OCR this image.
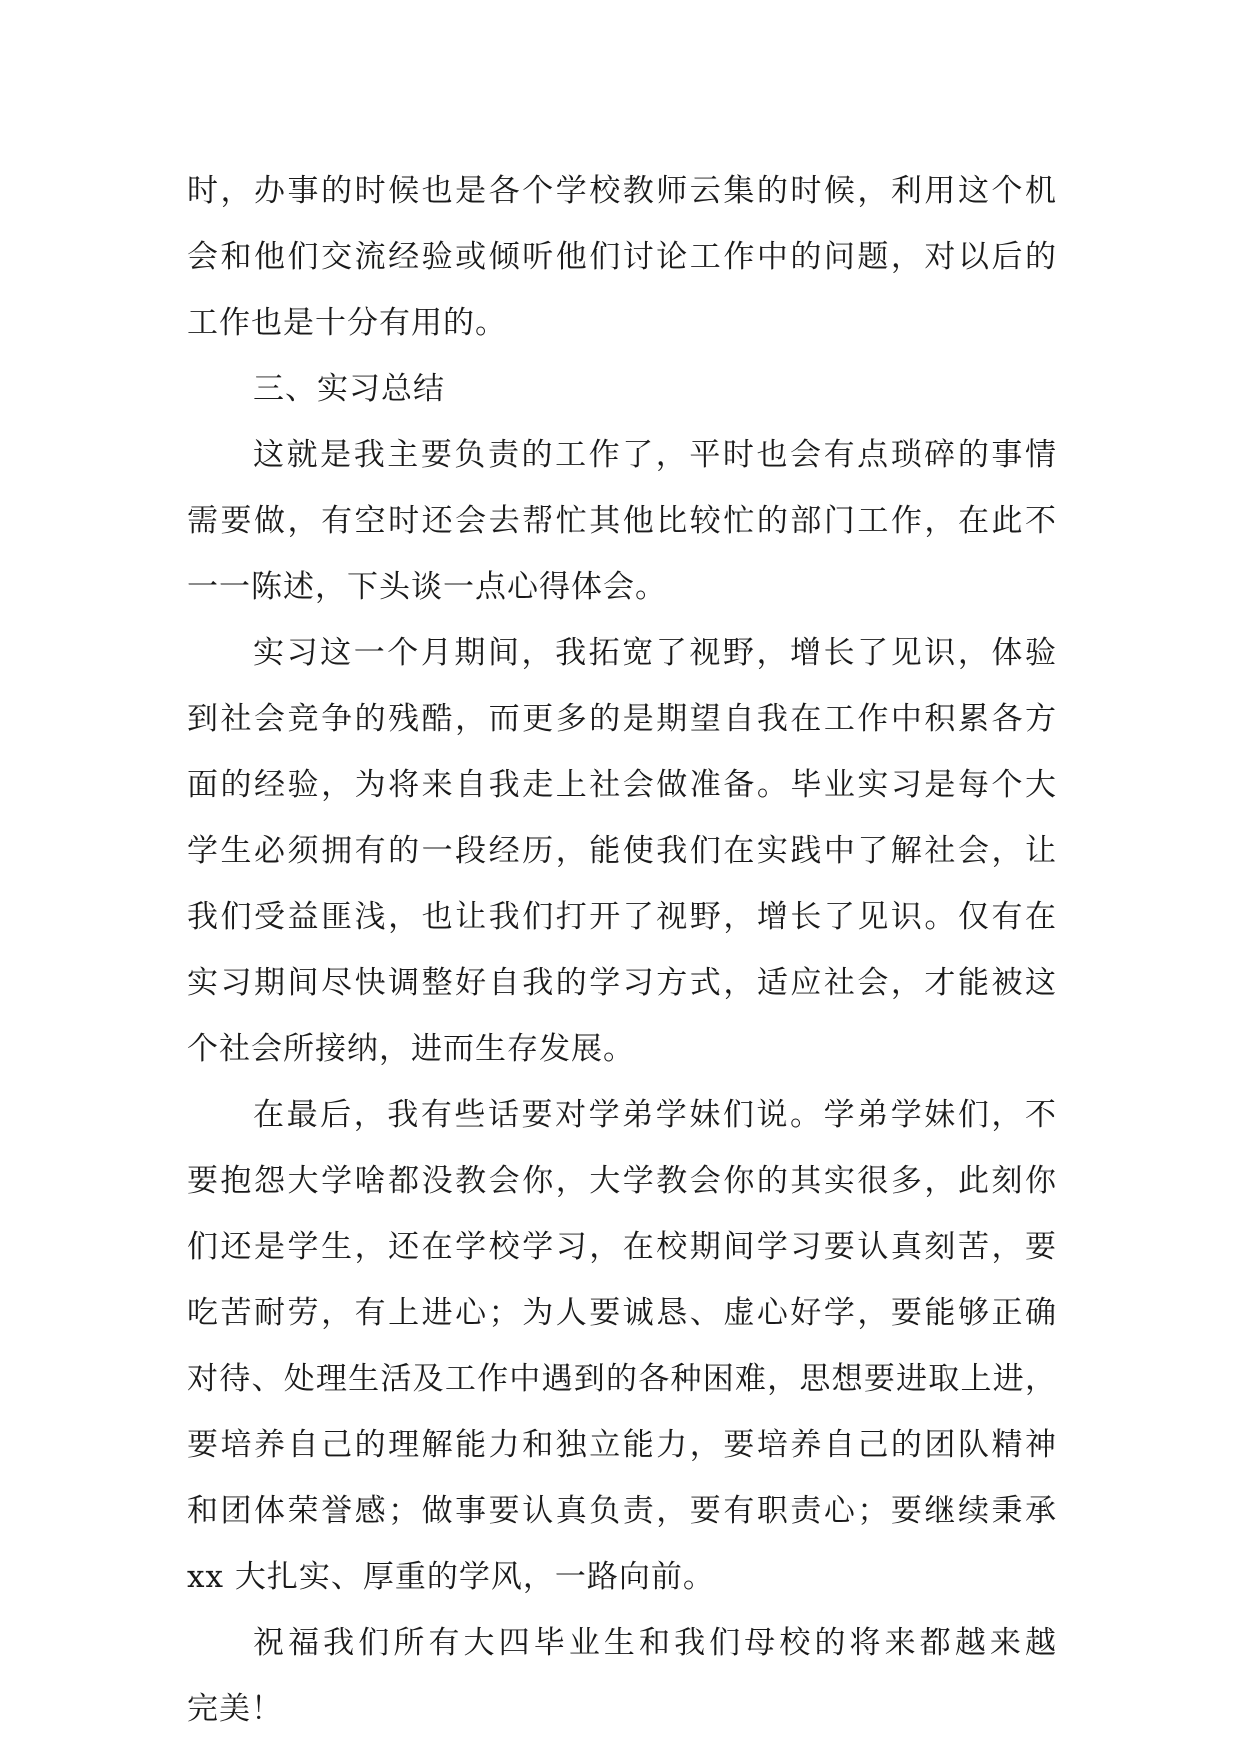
时，办事的时候也是各个学校教师云集的时候，利用这个机
会和他们交流经验或倾听他们讨论工作中的问题，对以后的
工作也是十分有用的。
三、实习总结
这就是我主要负责的工作了，平时也会有点琐碎的事情
需要做，有空时还会去帮忙其他比较忙的部门工作，在此不
一一陈述，下头谈一点心得体会。
实习这一个月期间，我拓宽了视野，增长了见识，体验
到社会竞争的残酷，而更多的是期望自我在工作中积累各方
面的经验，为将来自我走上社会做准备。毕业实习是每个大
学生必须拥有的一段经历，能使我们在实践中了解社会，让
我们受益匪浅，也让我们打开了视野，增长了见识。仅有在
实习期间尽快调整好自我的学习方式，适应社会，才能被这
个社会所接纳，进而生存发展。
在最后，我有些话要对学弟学妹们说。学弟学妹们，不
要抱怨大学啥都没教会你，大学教会你的其实很多，此刻你
们还是学生，还在学校学习，在校期间学习要认真刻苦，要
吃苦耐劳，有上进心；为人要诚恳、虚心好学，要能够正确
对待、处理生活及工作中遇到的各种困难，思想要进取上进，
要培养自己的理解能力和独立能力，要培养自己的团队精神
和团体荣誉感；做事要认真负责，要有职责心；要继续秉承
xx 大扎实、厚重的学风，一路向前。
祝福我们所有大四毕业生和我们母校的将来都越来越
完美！
